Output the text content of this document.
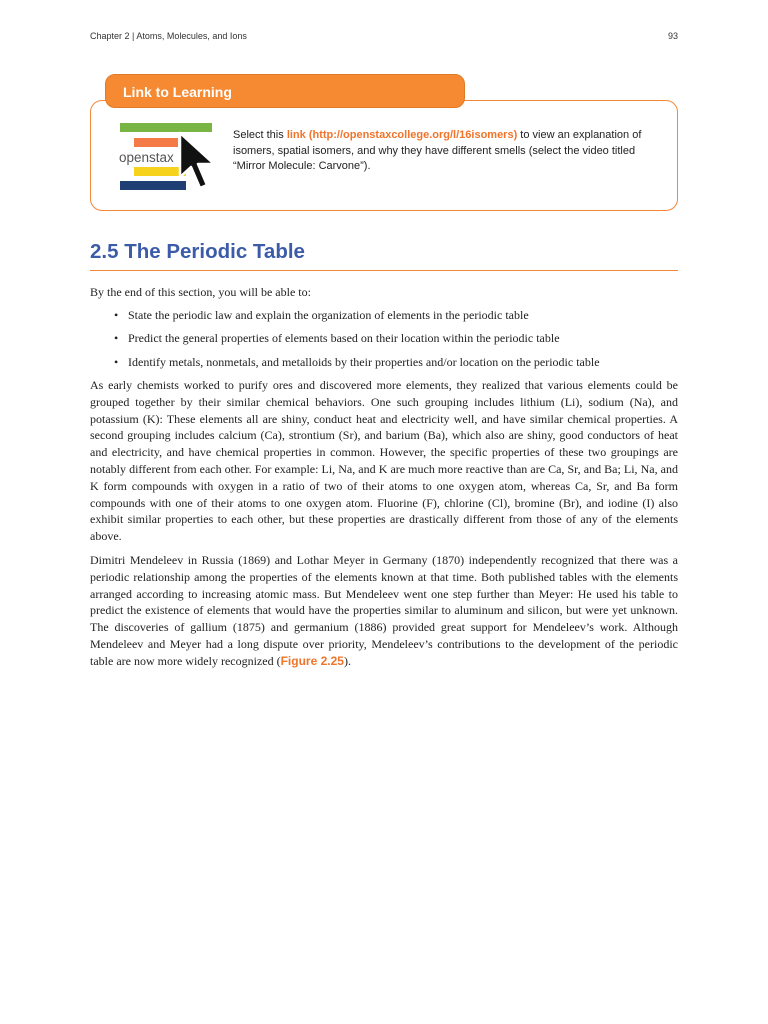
Chapter 2 | Atoms, Molecules, and Ions	93
Link to Learning
openstax
Select this link (http://openstaxcollege.org/l/16isomers) to view an explanation of isomers, spatial isomers, and why they have different smells (select the video titled “Mirror Molecule: Carvone”).
2.5 The Periodic Table
By the end of this section, you will be able to:
• State the periodic law and explain the organization of elements in the periodic table
• Predict the general properties of elements based on their location within the periodic table
• Identify metals, nonmetals, and metalloids by their properties and/or location on the periodic table

As early chemists worked to purify ores and discovered more elements, they realized that various elements could be grouped together by their similar chemical behaviors. One such grouping includes lithium (Li), sodium (Na), and potassium (K): These elements all are shiny, conduct heat and electricity well, and have similar chemical properties. A second grouping includes calcium (Ca), strontium (Sr), and barium (Ba), which also are shiny, good conductors of heat and electricity, and have chemical properties in common. However, the specific properties of these two groupings are notably different from each other. For example: Li, Na, and K are much more reactive than are Ca, Sr, and Ba; Li, Na, and K form compounds with oxygen in a ratio of two of their atoms to one oxygen atom, whereas Ca, Sr, and Ba form compounds with one of their atoms to one oxygen atom. Fluorine (F), chlorine (Cl), bromine (Br), and iodine (I) also exhibit similar properties to each other, but these properties are drastically different from those of any of the elements above.

Dimitri Mendeleev in Russia (1869) and Lothar Meyer in Germany (1870) independently recognized that there was a periodic relationship among the properties of the elements known at that time. Both published tables with the elements arranged according to increasing atomic mass. But Mendeleev went one step further than Meyer: He used his table to predict the existence of elements that would have the properties similar to aluminum and silicon, but were yet unknown. The discoveries of gallium (1875) and germanium (1886) provided great support for Mendeleev’s work. Although Mendeleev and Meyer had a long dispute over priority, Mendeleev’s contributions to the development of the periodic table are now more widely recognized (Figure 2.25).
